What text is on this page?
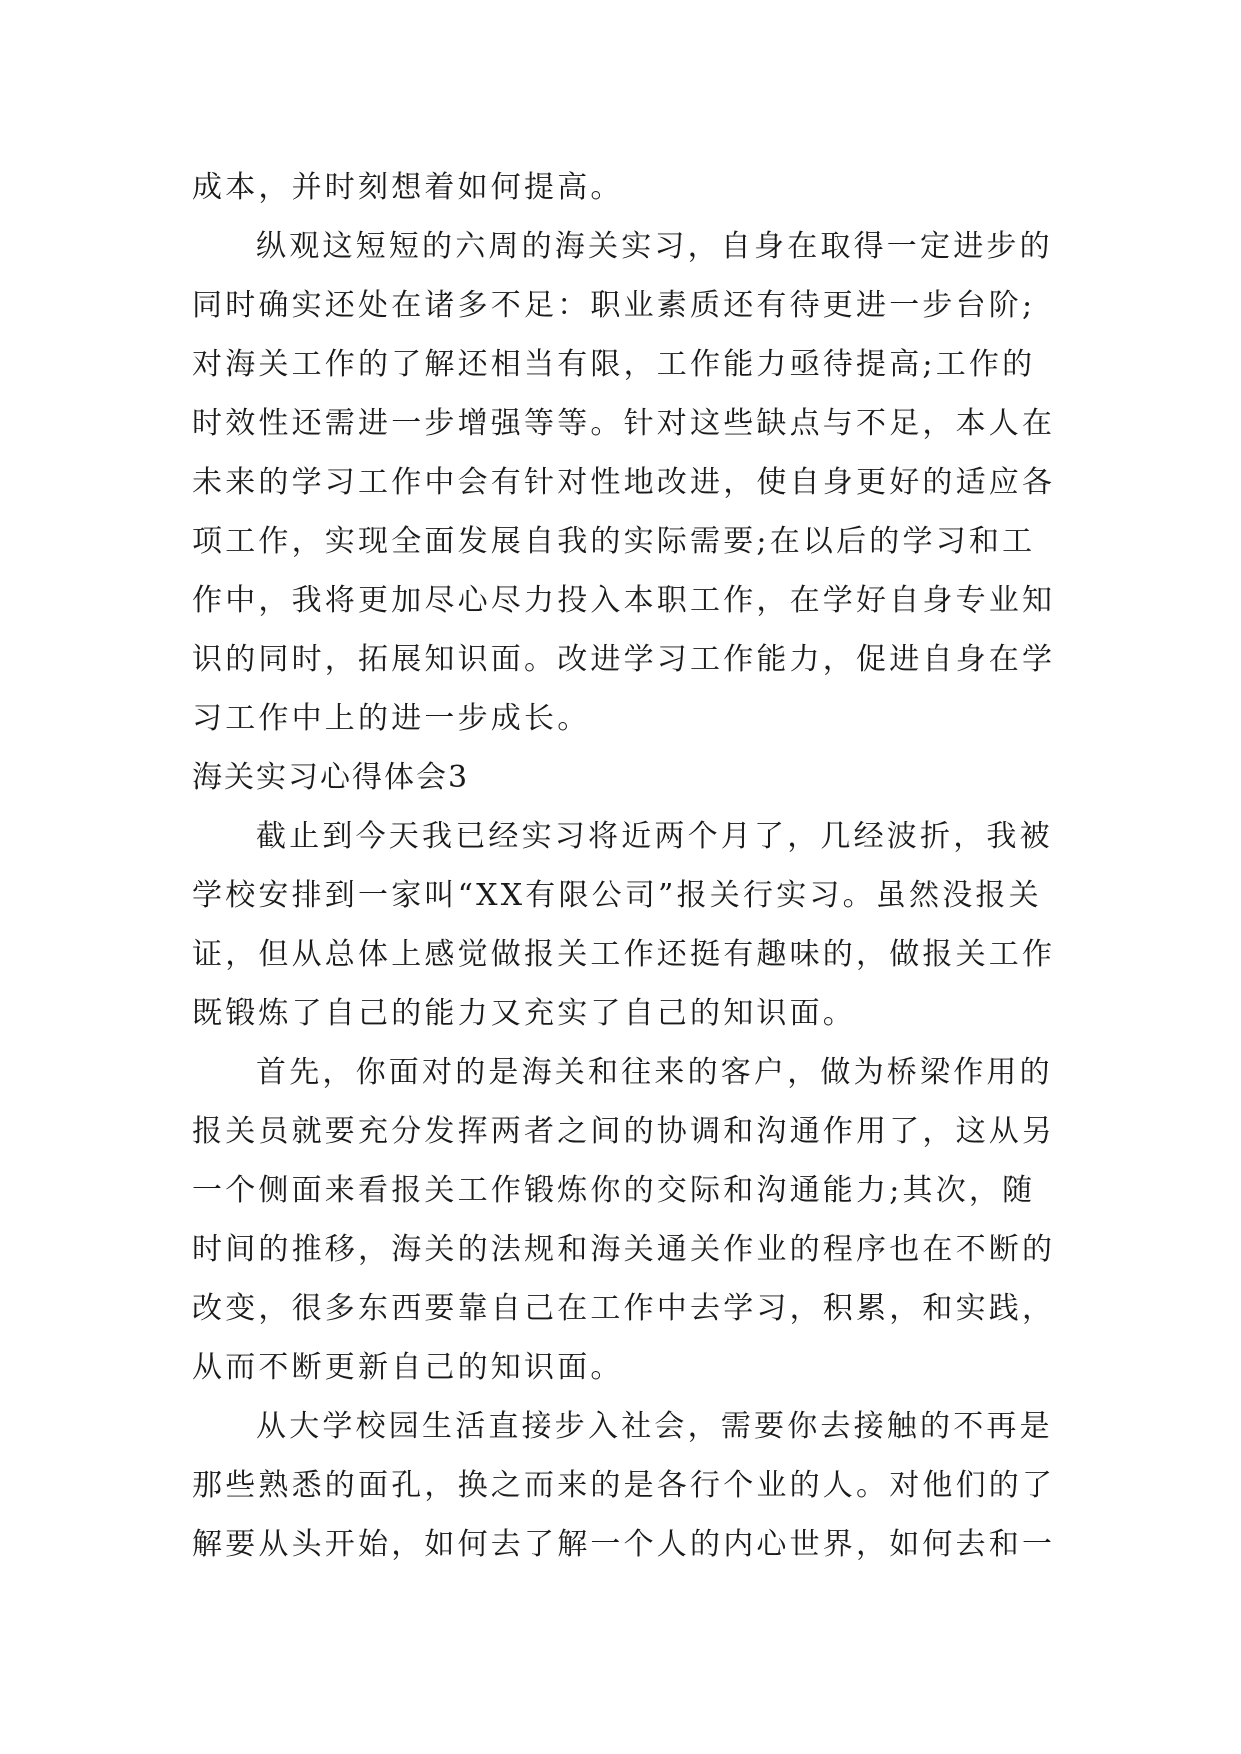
成本，并时刻想着如何提高。
纵观这短短的六周的海关实习，自身在取得一定进步的
同时确实还处在诸多不足：职业素质还有待更进一步台阶;
对海关工作的了解还相当有限，工作能力亟待提高;工作的
时效性还需进一步增强等等。针对这些缺点与不足，本人在
未来的学习工作中会有针对性地改进，使自身更好的适应各
项工作，实现全面发展自我的实际需要;在以后的学习和工
作中，我将更加尽心尽力投入本职工作，在学好自身专业知
识的同时，拓展知识面。改进学习工作能力，促进自身在学
习工作中上的进一步成长。
海关实习心得体会3
截止到今天我已经实习将近两个月了，几经波折，我被
学校安排到一家叫“XX有限公司”报关行实习。虽然没报关
证，但从总体上感觉做报关工作还挺有趣味的，做报关工作
既锻炼了自己的能力又充实了自己的知识面。
首先，你面对的是海关和往来的客户，做为桥梁作用的
报关员就要充分发挥两者之间的协调和沟通作用了，这从另
一个侧面来看报关工作锻炼你的交际和沟通能力;其次，随
时间的推移，海关的法规和海关通关作业的程序也在不断的
改变，很多东西要靠自己在工作中去学习，积累，和实践，
从而不断更新自己的知识面。
从大学校园生活直接步入社会，需要你去接触的不再是
那些熟悉的面孔，换之而来的是各行个业的人。对他们的了
解要从头开始，如何去了解一个人的内心世界，如何去和一
